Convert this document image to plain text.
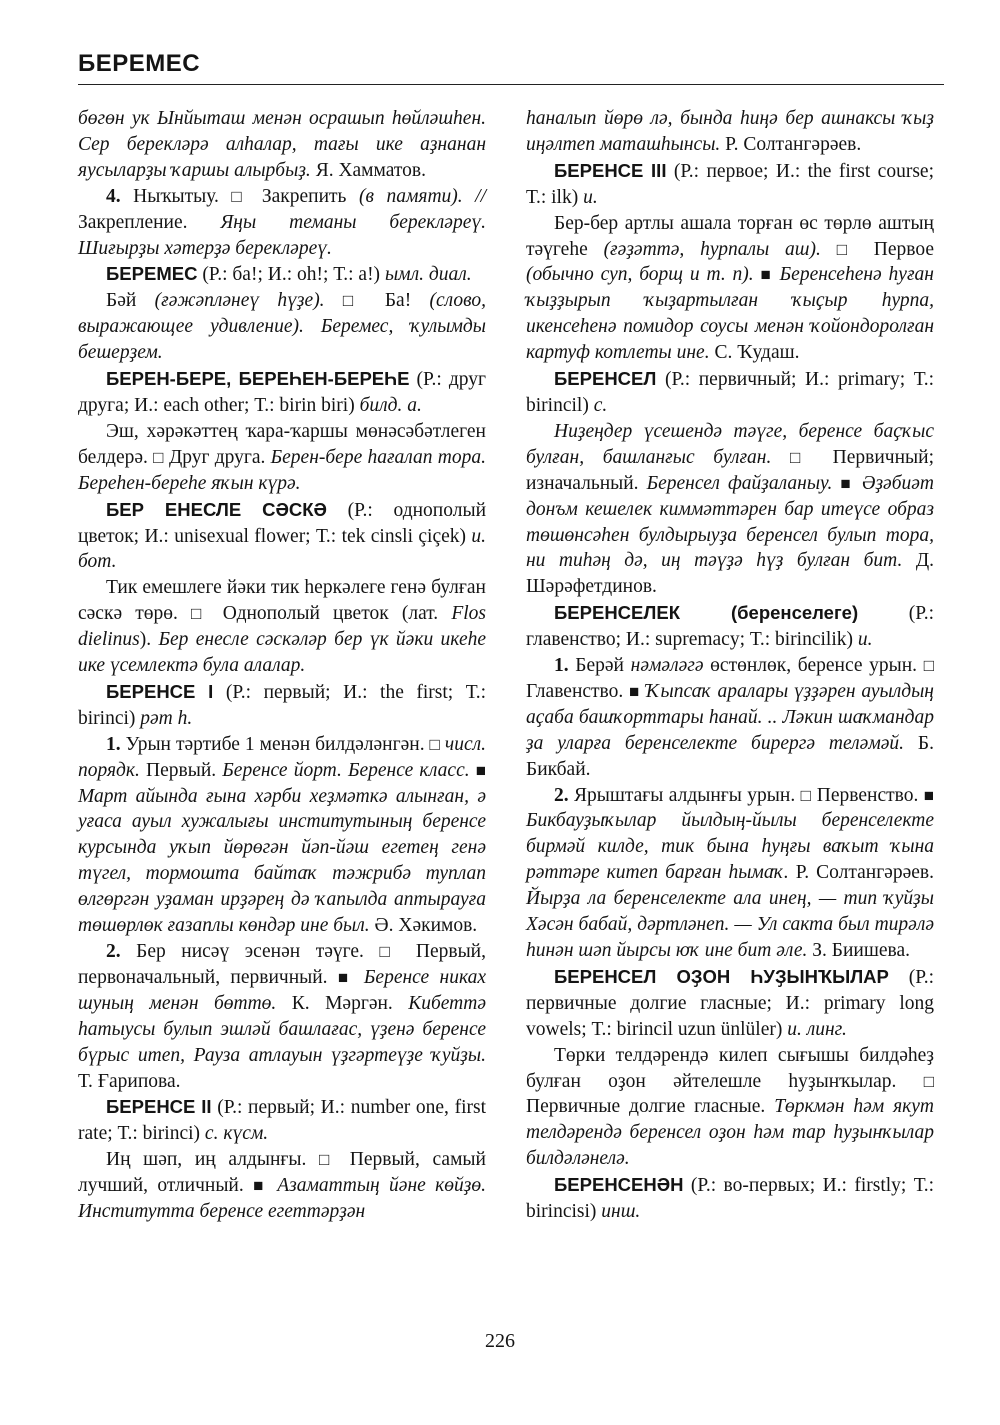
БЕРЕМЕС

бөгөн ук Ынйыташ менән осрашып һөйләшһен. Сер берекләрә алһалар, тағы ике аҙнанан яусыларҙы ҡаршы алырбыҙ. Я. Хамматов.

4. Ныҡытыу. □ Закрепить (в памяти). // Закрепление. Яңы теманы берекләреү. Шиғырҙы хәтерҙә берекләреү.

БЕРЕМЕС (Р.: ба!; И.: oh!; Т.: a!) ымл. диал.

Бәй (ғәжәпләнеү һүҙе). □ Ба! (слово, выражающее удивление). Беремес, ҡулымды бешерҙем.

БЕРЕН-БЕРЕ, БЕРЕҺЕН-БЕРЕҺЕ (Р.: друг друга; И.: each other; Т.: birin biri) билд. а.

Эш, хәрәкәттең ҡара-ҡаршы мөнәсәбәтлеген белдерә. □ Друг друга. Берен-бере һағалап тора. Береһен-береһе яҡын күрә.

БЕР ЕНЕСЛЕ СӘСКӘ (Р.: однополый цветок; И.: unisexual flower; Т.: tek cinsli çiçek) и. бот.

Тик емешлеге йәки тик һеркәлеге генә булған сәскә төрө. □ Однополый цветок (лат. Flos dielinus). Бер енесле сәскәләр бер үк йәки икеһе ике үсемлектә була алалар.

БЕРЕНСЕ I (Р.: первый; И.: the first; Т.: birinci) рәт һ.

1. Урын тәртибе 1 менән билдәләнгән. □ числ. порядк. Первый. Беренсе йорт. Беренсе класс. ■ Март айында ғына хәрби хеҙмәткә алынған, ә уғаса ауыл хужалығы институтының беренсе курсында уҡып йөрөгән йәп-йәш егетең генә түгел, тормошта байтаҡ тәжрибә туплап өлгөргән уҙаман ирҙәрең дә ҡапылда аптырауға төшөрлөк ғазаплы көндәр ине был. Ә. Хәкимов.

2. Бер нисәү эсенән тәүге. □ Первый, первоначальный, первичный. ■ Беренсе никах шуның менән бөттө. К. Мәргән. Кибеттә һатыусы булып эшләй башлағас, үҙенә беренсе бүрыс итеп, Рауза атлауын үҙгәртеүҙе ҡуйҙы. Т. Ғарипова.

БЕРЕНСЕ II (Р.: первый; И.: number one, first rate; Т.: birinci) с. күсм.

Иң шәп, иң алдынғы. □ Первый, самый лучший, отличный. ■ Азаматтың йәне көйҙө. Институтта беренсе егеттәрҙән

һаналып йөрө лә, бында һиңә бер ашнаксы ҡыҙ иңәлтеп маташһынсы. Р. Солтангәрәев.

БЕРЕНСЕ III (Р.: первое; И.: the first course; Т.: ilk) и.

Бер-бер артлы ашала торған өс төрлө аштың тәүгеһе (ғәҙәттә, һурпалы аш). □ Первое (обычно суп, борщ и т. п). ■ Беренсеһенә һуған ҡыҙҙырып ҡыҙартылған ҡыҫыр һурпа, икенсеһенә помидор соусы менән ҡойондоролған картуф котлеты ине. С. Ҡудаш.

БЕРЕНСЕЛ (Р.: первичный; И.: primary; Т.: birincil) с.

Ниҙеңдер үсешендә тәүге, беренсе баҫҡыс булған, башланғыс булған. □ Первичный; изначальный. Беренсел файҙаланыу. ■ Әҙәбиәт донъм кешелек киммәттәрен бар итеүсе образ төшөнсәһен булдырыуҙа беренсел булып тора, ни тиһәң дә, иң тәүҙә һүҙ булған бит. Д. Шәрәфетдинов.

БЕРЕНСЕЛЕК (беренселеге) (Р.: главенство; И.: supremacy; Т.: birincilik) и.

1. Берәй нәмәләгә өстөнлөк, беренсе урын. □ Главенство. ■ Ҡыпсаҡ аралары үҙҙәрен ауылдың аҫаба башҡорттары һанай. .. Ләкин шаҡмандар ҙа уларға беренселекте бирергә теләмәй. Б. Бикбай.

2. Ярыштағы алдынғы урын. □ Первенство. ■ Бикбауҙыҡылар йылдың-йылы беренселекте бирмәй килде, тик бына һуңғы ваҡыт ҡына рәттәре китеп барған һымаҡ. Р. Солтангәрәев. Йырҙа ла беренселекте ала инең, — тип ҡуйҙы Хәсән бабай, дәртләнеп. — Ул сакта был тирәлә һинән шәп йырсы юҡ ине бит әле. З. Биишева.

БЕРЕНСЕЛ ОҘОН ҺУҘЫНҠЫЛАР (Р.: первичные долгие гласные; И.: primary long vowels; Т.: birincil uzun ünlüler) и. линг.

Төрки телдәрендә килеп сығышы билдәһеҙ булған оҙон әйтелешле һуҙынҡылар. □ Первичные долгие гласные. Төркмән һәм якут телдәрендә беренсел оҙон һәм тар һуҙынҡылар билдәләнелә.

БЕРЕНСЕНӘН (Р.: во-первых; И.: firstly; Т.: birincisi) инш.

226
